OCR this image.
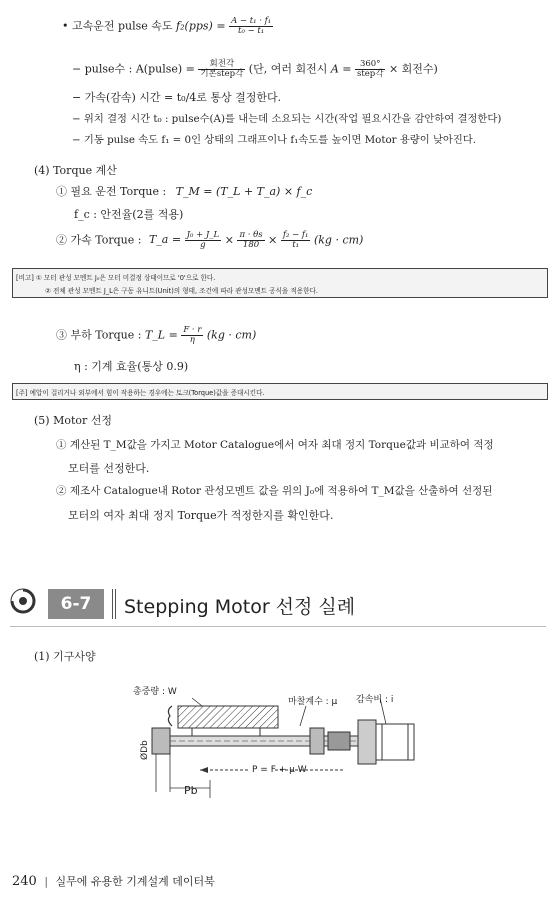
• 고속운전 pulse 속도 $f_2(pps) = \frac{\text{A − t₁ · f₁}}{\text{t₀ − t₁}}$
− pulse수 : A(pulse) =	회전각
기본step각 (단, 여러 회전시 A = 360°
step각 × 회전수)
− 가속(감속) 시간 = t₀/4로 통상 결정한다.
− 위치 결정 시간 t₀ : pulse수(A)를 내는데 소요되는 시간(작업 필요시간을 감안하여 결정한다)
− 기동 pulse 속도 f₁ = 0인 상태의 그래프이나 f₁속도를 높이면 Motor 용량이 낮아진다.
(4) Torque 계산
① 필요 운전 Torque : T_M = (T_L + T_a) × f_c
f_c : 안전율(2를 적용)
② 가속 Torque : T_a = $\frac{\text{J₀ + J\_L}}{g} \times \frac{\pi \cdot \theta s}{180} \times \frac{\text{f₂ − f₁}}{\text{t₁}} (kg \cdot cm)$
[비고] ① 모터 관성 모멘트 J₀은 모터 미결정 상태이므로 '0'으로 한다.
② 전체 관성 모멘트 J_L은 구동 유니트(Unit)의 형태, 조건에 따라 관성모멘트 공식을 적용한다.
③ 부하 Torque : T_L = $\frac{F \cdot r}{\eta} (kg \cdot cm)$
η : 기계 효율(통상 0.9)
[주] 예압이 걸리거나 외부에서 힘이 작용하는 경우에는 토크(Torque)값을 증대시킨다.
(5) Motor 선정
① 계산된 T_M값을 가지고 Motor Catalogue에서 여자 최대 정지 Torque값과 비교하여 적정
모터를 선정한다.
② 제조사 Catalogue내 Rotor 관성모멘트 값을 위의 J₀에 적용하여 T_M값을 산출하여 선정된
모터의 여자 최대 정지 Torque가 적정한지를 확인한다.
6-7	Stepping Motor 선정 실례
(1) 기구사양
총중량 : W
마찰계수 : μ 감속비 : i
P = F + μ W
ØDb
Pb
240 | 실무에 유용한 기계설계 데이터북
